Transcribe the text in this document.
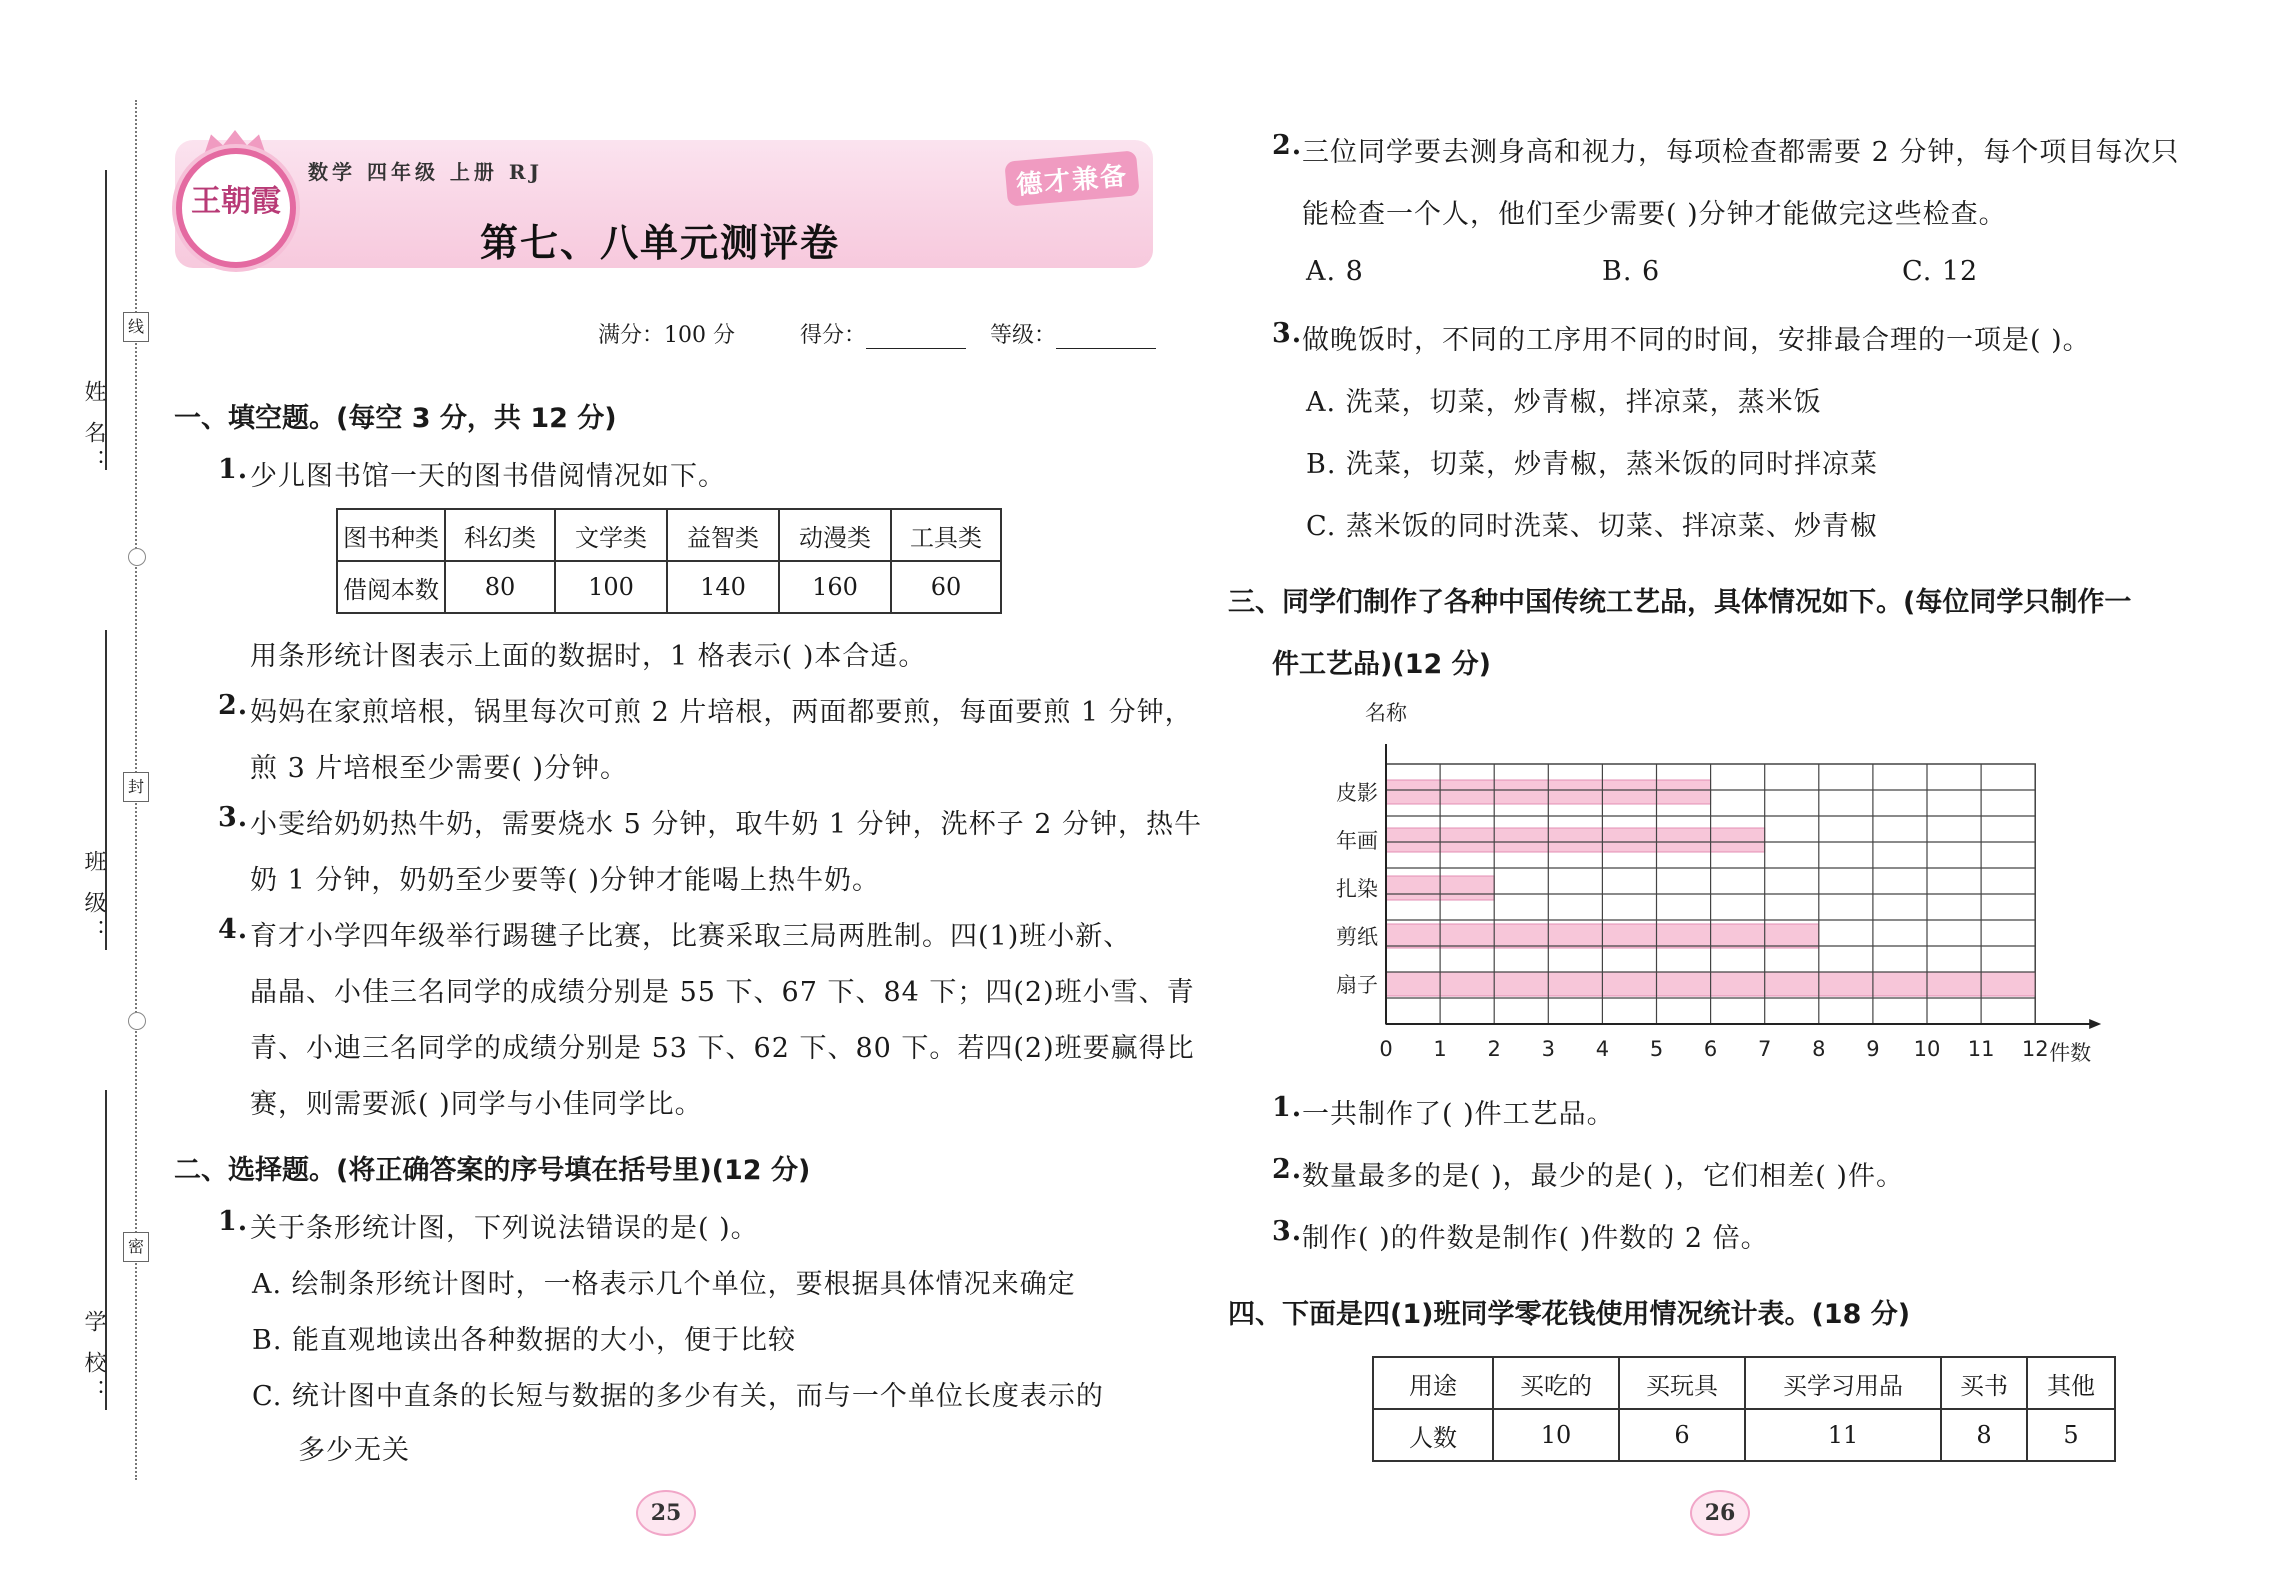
姓 名：
班 级：
学 校：
线
封
密
王朝霞
数学 四年级 上册 RJ	德才兼备
第七、八单元测评卷
满分：100 分	得分：	等级：
一、填空题。(每空 3 分，共 12 分)
1. 少儿图书馆一天的图书借阅情况如下。
图书种类	科幻类	文学类	益智类	动漫类	工具类
借阅本数	80	100	140	160	60
用条形统计图表示上面的数据时，1 格表示( )本合适。
2. 妈妈在家煎培根，锅里每次可煎 2 片培根，两面都要煎，每面要煎 1 分钟，
煎 3 片培根至少需要( )分钟。
3. 小雯给奶奶热牛奶，需要烧水 5 分钟，取牛奶 1 分钟，洗杯子 2 分钟，热牛
奶 1 分钟，奶奶至少要等( )分钟才能喝上热牛奶。
4. 育才小学四年级举行踢毽子比赛，比赛采取三局两胜制。四(1)班小新、
晶晶、小佳三名同学的成绩分别是 55 下、67 下、84 下；四(2)班小雪、青
青、小迪三名同学的成绩分别是 53 下、62 下、80 下。若四(2)班要赢得比
赛，则需要派( )同学与小佳同学比。
二、选择题。(将正确答案的序号填在括号里)(12 分)
1. 关于条形统计图，下列说法错误的是( )。
A. 绘制条形统计图时，一格表示几个单位，要根据具体情况来确定
B. 能直观地读出各种数据的大小，便于比较
C. 统计图中直条的长短与数据的多少有关，而与一个单位长度表示的
多少无关
25
2. 三位同学要去测身高和视力，每项检查都需要 2 分钟，每个项目每次只
能检查一个人，他们至少需要( )分钟才能做完这些检查。
A. 8	B. 6	C. 12
3. 做晚饭时，不同的工序用不同的时间，安排最合理的一项是( )。
A. 洗菜，切菜，炒青椒，拌凉菜，蒸米饭
B. 洗菜，切菜，炒青椒，蒸米饭的同时拌凉菜
C. 蒸米饭的同时洗菜、切菜、拌凉菜、炒青椒
三、同学们制作了各种中国传统工艺品，具体情况如下。(每位同学只制作一
件工艺品)(12 分)
皮影
年画
扎染
剪纸
扇子
0 1 2 3 4 5 6 7 8 9 10 11 12 件数
名称
1. 一共制作了( )件工艺品。
2. 数量最多的是( )，最少的是( )，它们相差( )件。
3. 制作( )的件数是制作( )件数的 2 倍。
四、下面是四(1)班同学零花钱使用情况统计表。(18 分)
用途	买吃的	买玩具	买学习用品	买书	其他
人数	10	6	11	8	5
26
